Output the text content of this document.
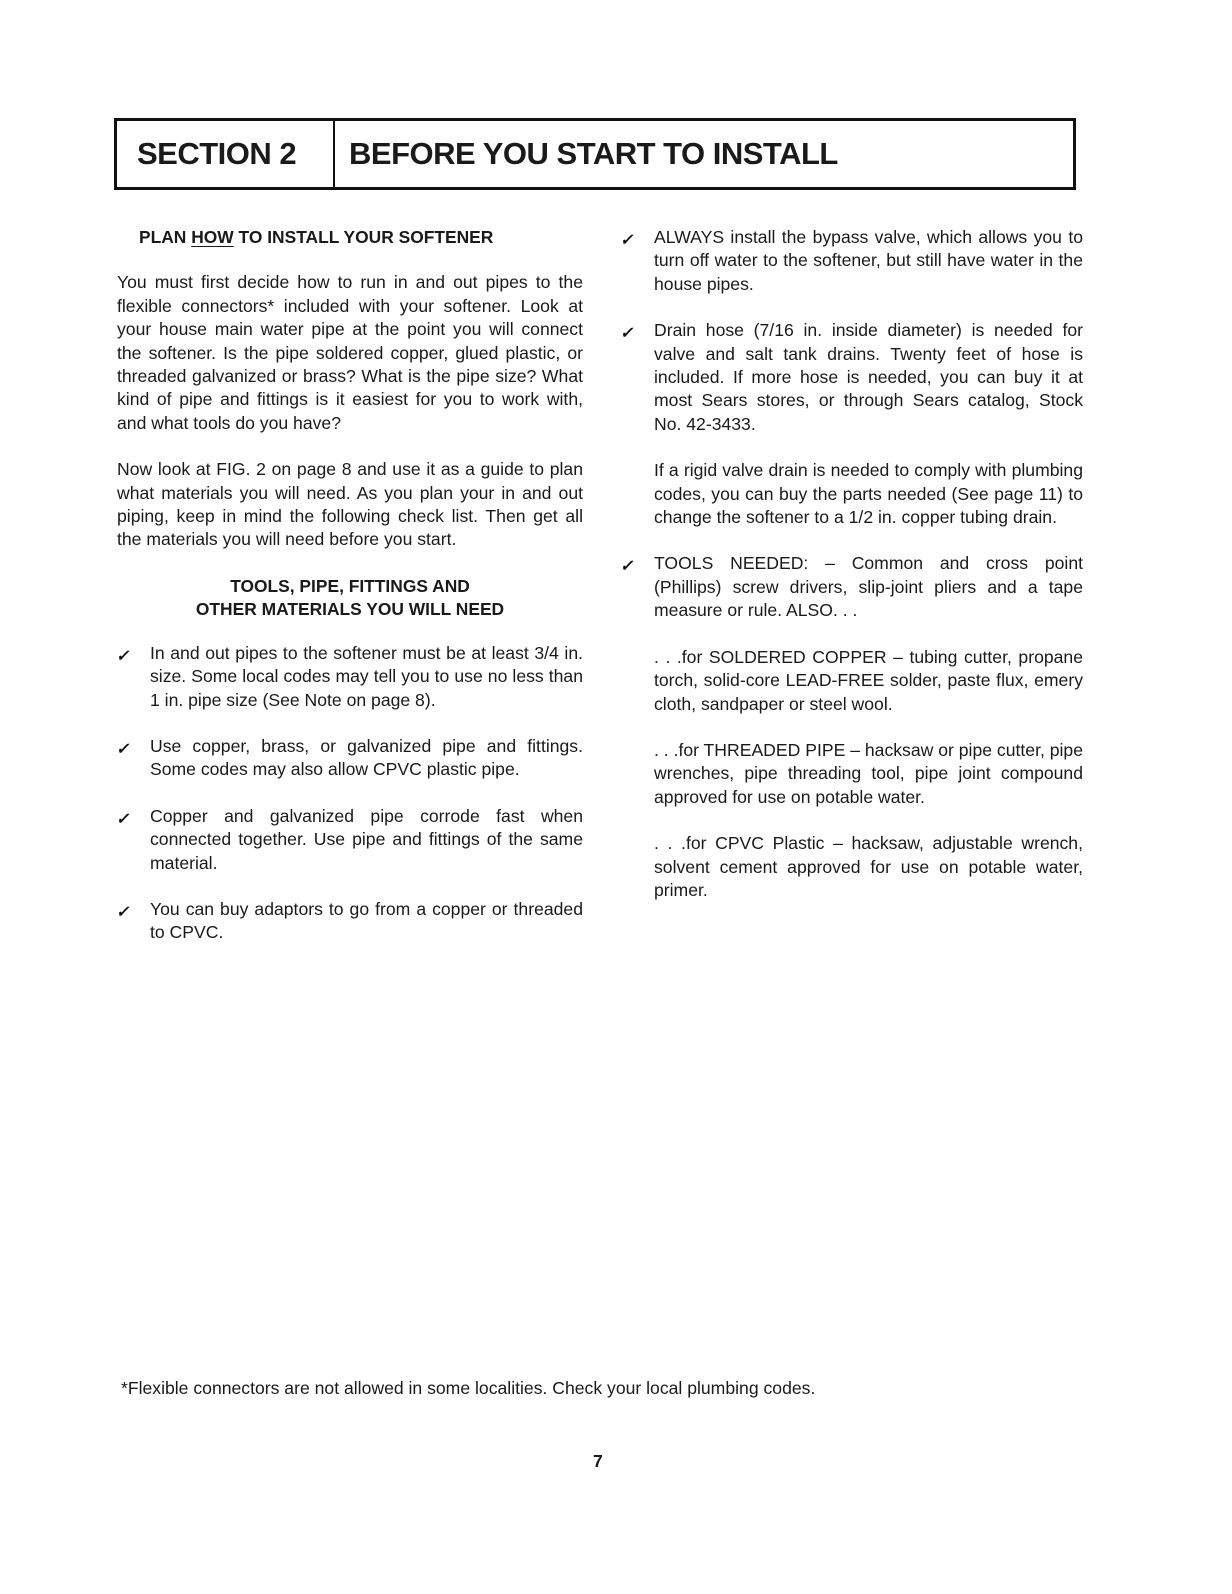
SECTION 2	BEFORE YOU START TO INSTALL
PLAN HOW TO INSTALL YOUR SOFTENER

You must first decide how to run in and out pipes to the flexible connectors* included with your softener. Look at your house main water pipe at the point you will connect the softener. Is the pipe soldered copper, glued plastic, or threaded galvanized or brass? What is the pipe size? What kind of pipe and fittings is it easiest for you to work with, and what tools do you have?

Now look at FIG. 2 on page 8 and use it as a guide to plan what materials you will need. As you plan your in and out piping, keep in mind the following check list. Then get all the materials you will need before you start.

TOOLS, PIPE, FITTINGS AND
OTHER MATERIALS YOU WILL NEED
✓ In and out pipes to the softener must be at least 3/4 in. size. Some local codes may tell you to use no less than 1 in. pipe size (See Note on page 8).
✓ Use copper, brass, or galvanized pipe and fittings. Some codes may also allow CPVC plastic pipe.
✓ Copper and galvanized pipe corrode fast when connected together. Use pipe and fittings of the same material.
✓ You can buy adaptors to go from a copper or threaded to CPVC.
✓ ALWAYS install the bypass valve, which allows you to turn off water to the softener, but still have water in the house pipes.
✓ Drain hose (7/16 in. inside diameter) is needed for valve and salt tank drains. Twenty feet of hose is included. If more hose is needed, you can buy it at most Sears stores, or through Sears catalog, Stock No. 42-3433.
If a rigid valve drain is needed to comply with plumbing codes, you can buy the parts needed (See page 11) to change the softener to a 1/2 in. copper tubing drain.
✓ TOOLS NEEDED: – Common and cross point (Phillips) screw drivers, slip-joint pliers and a tape measure or rule. ALSO. . .
. . .for SOLDERED COPPER – tubing cutter, propane torch, solid-core LEAD-FREE solder, paste flux, emery cloth, sandpaper or steel wool.
. . .for THREADED PIPE – hacksaw or pipe cutter, pipe wrenches, pipe threading tool, pipe joint compound approved for use on potable water.
. . .for CPVC Plastic – hacksaw, adjustable wrench, solvent cement approved for use on potable water, primer.
*Flexible connectors are not allowed in some localities. Check your local plumbing codes.
7
